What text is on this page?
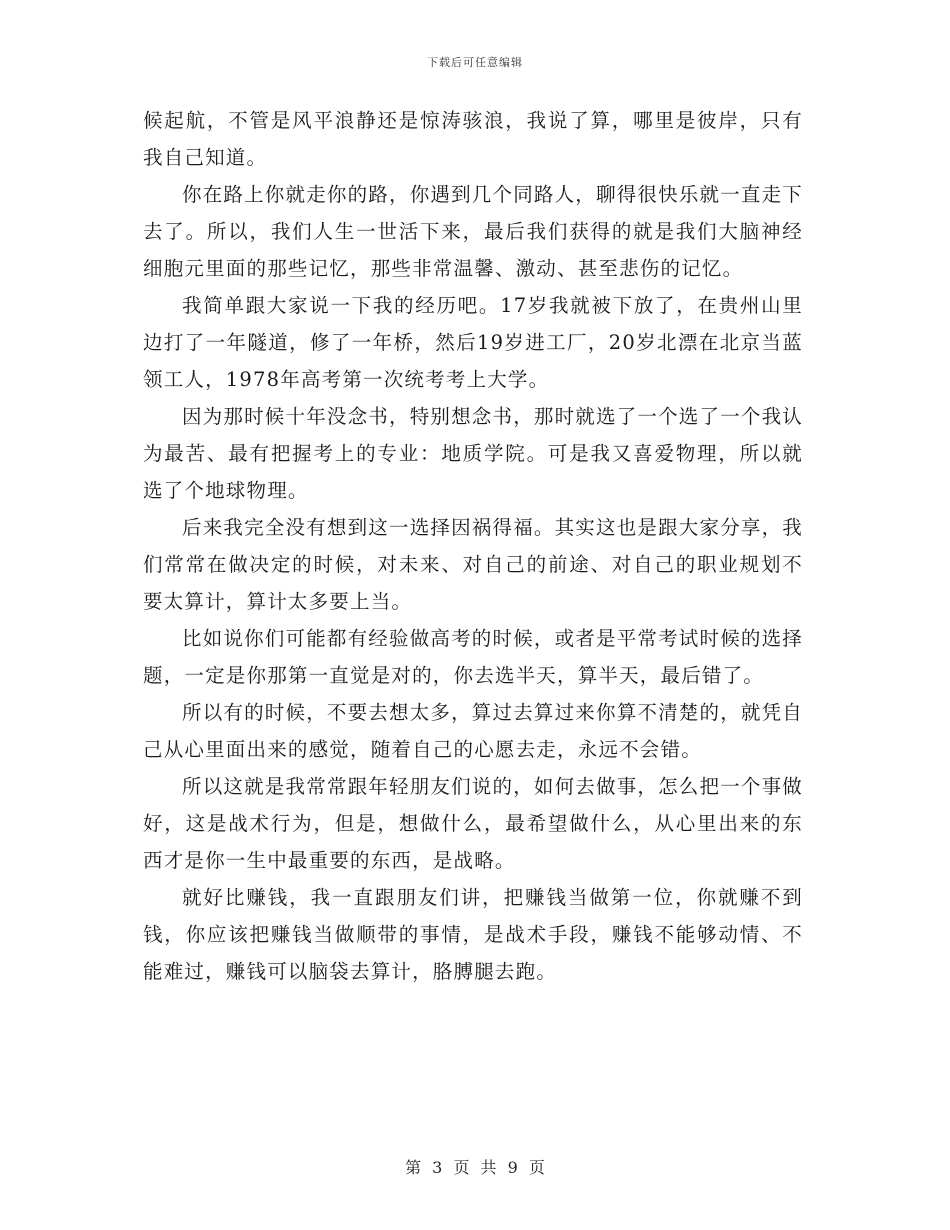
下载后可任意编辑

候起航，不管是风平浪静还是惊涛骇浪，我说了算，哪里是彼岸，只有我自己知道。

你在路上你就走你的路，你遇到几个同路人，聊得很快乐就一直走下去了。所以，我们人生一世活下来，最后我们获得的就是我们大脑神经细胞元里面的那些记忆，那些非常温馨、激动、甚至悲伤的记忆。

我简单跟大家说一下我的经历吧。17岁我就被下放了，在贵州山里边打了一年隧道，修了一年桥，然后19岁进工厂，20岁北漂在北京当蓝领工人，1978年高考第一次统考考上大学。

因为那时候十年没念书，特别想念书，那时就选了一个选了一个我认为最苦、最有把握考上的专业：地质学院。可是我又喜爱物理，所以就选了个地球物理。

后来我完全没有想到这一选择因祸得福。其实这也是跟大家分享，我们常常在做决定的时候，对未来、对自己的前途、对自己的职业规划不要太算计，算计太多要上当。

比如说你们可能都有经验做高考的时候，或者是平常考试时候的选择题，一定是你那第一直觉是对的，你去选半天，算半天，最后错了。

所以有的时候，不要去想太多，算过去算过来你算不清楚的，就凭自己从心里面出来的感觉，随着自己的心愿去走，永远不会错。

所以这就是我常常跟年轻朋友们说的，如何去做事，怎么把一个事做好，这是战术行为，但是，想做什么，最希望做什么，从心里出来的东西才是你一生中最重要的东西，是战略。

就好比赚钱，我一直跟朋友们讲，把赚钱当做第一位，你就赚不到钱，你应该把赚钱当做顺带的事情，是战术手段，赚钱不能够动情、不能难过，赚钱可以脑袋去算计，胳膊腿去跑。

第 3 页 共 9 页
